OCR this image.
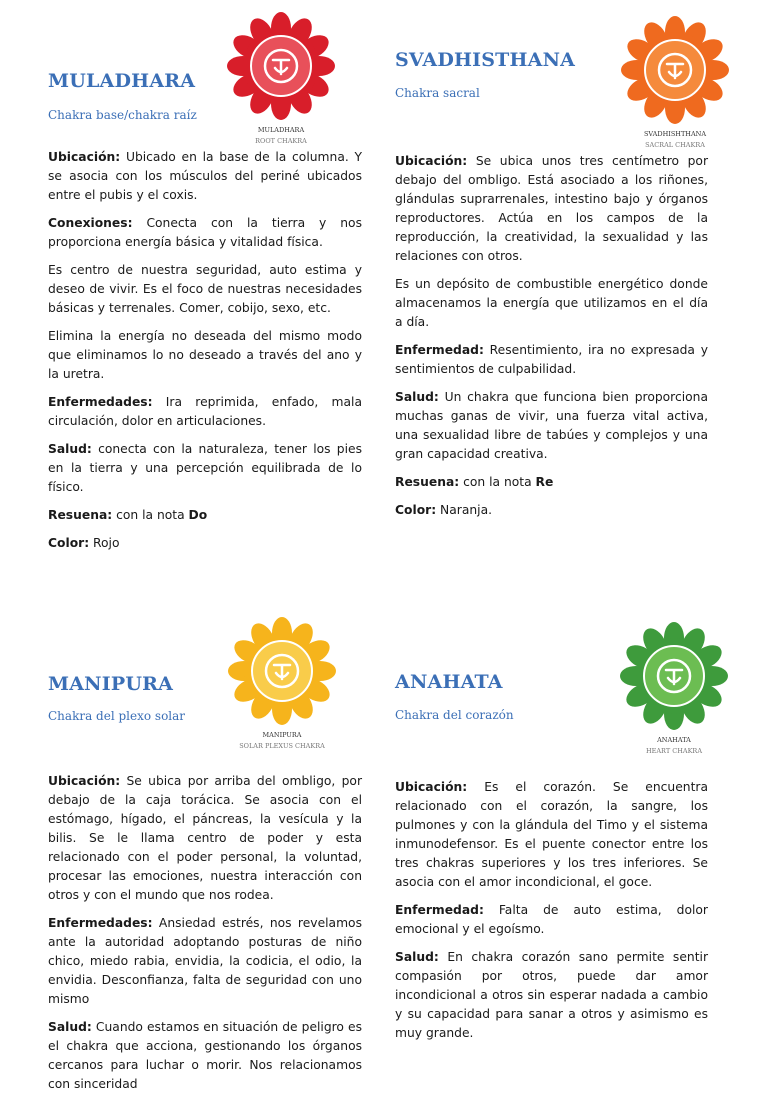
MULADHARA
Chakra base/chakra raíz
MULADHARA
ROOT CHAKRA

Ubicación: Ubicado en la base de la columna. Y se asocia con los músculos del periné ubicados entre el pubis y el coxis.

Conexiones: Conecta con la tierra y nos proporciona energía básica y vitalidad física.

Es centro de nuestra seguridad, auto estima y deseo de vivir. Es el foco de nuestras necesidades básicas y terrenales. Comer, cobijo, sexo, etc.

Elimina la energía no deseada del mismo modo que eliminamos lo no deseado a través del ano y la uretra.

Enfermedades: Ira reprimida, enfado, mala circulación, dolor en articulaciones.

Salud: conecta con la naturaleza, tener los pies en la tierra y una percepción equilibrada de lo físico.

Resuena: con la nota Do

Color: Rojo

SVADHISTHANA
Chakra sacral
SVADHISHTHANA
SACRAL CHAKRA

Ubicación: Se ubica unos tres centímetro por debajo del ombligo. Está asociado a los riñones, glándulas suprarrenales, intestino bajo y órganos reproductores. Actúa en los campos de la reproducción, la creatividad, la sexualidad y las relaciones con otros.

Es un depósito de combustible energético donde almacenamos la energía que utilizamos en el día a día.

Enfermedad: Resentimiento, ira no expresada y sentimientos de culpabilidad.

Salud: Un chakra que funciona bien proporciona muchas ganas de vivir, una fuerza vital activa, una sexualidad libre de tabúes y complejos y una gran capacidad creativa.

Resuena: con la nota Re

Color: Naranja.

MANIPURA
Chakra del plexo solar
MANIPURA
SOLAR PLEXUS CHAKRA

Ubicación: Se ubica por arriba del ombligo, por debajo de la caja torácica. Se asocia con el estómago, hígado, el páncreas, la vesícula y la bilis. Se le llama centro de poder y esta relacionado con el poder personal, la voluntad, procesar las emociones, nuestra interacción con otros y con el mundo que nos rodea.

Enfermedades: Ansiedad estrés, nos revelamos ante la autoridad adoptando posturas de niño chico, miedo rabia, envidia, la codicia, el odio, la envidia. Desconfianza, falta de seguridad con uno mismo

Salud: Cuando estamos en situación de peligro es el chakra que acciona, gestionando los órganos cercanos para luchar o morir. Nos relacionamos con sinceridad

ANAHATA
Chakra del corazón
ANAHATA
HEART CHAKRA

Ubicación: Es el corazón. Se encuentra relacionado con el corazón, la sangre, los pulmones y con la glándula del Timo y el sistema inmunodefensor. Es el puente conector entre los tres chakras superiores y los tres inferiores. Se asocia con el amor incondicional, el goce.

Enfermedad: Falta de auto estima, dolor emocional y el egoísmo.

Salud: En chakra corazón sano permite sentir compasión por otros, puede dar amor incondicional a otros sin esperar nadada a cambio y su capacidad para sanar a otros y asimismo es muy grande.
